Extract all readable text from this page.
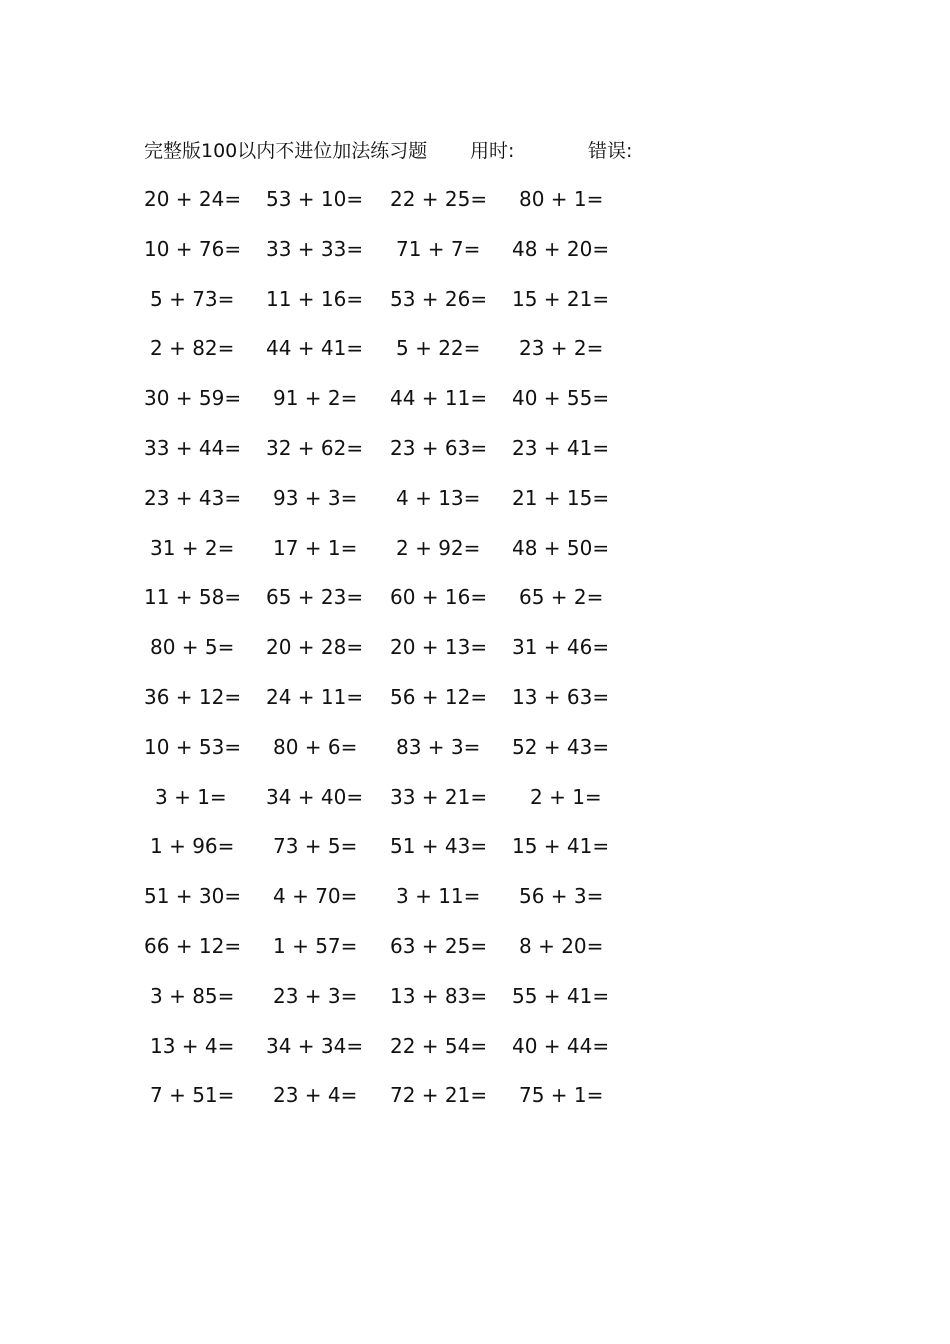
完整版100以内不进位加法练习题 用时:	错误:
20 + 24= 53 + 10= 22 + 25= 80 + 1=
10 + 76= 33 + 33= 71 + 7= 48 + 20=
5 + 73= 11 + 16= 53 + 26= 15 + 21=
2 + 82= 44 + 41= 5 + 22= 23 + 2=
30 + 59= 91 + 2= 44 + 11= 40 + 55=
33 + 44= 32 + 62= 23 + 63= 23 + 41=
23 + 43= 93 + 3= 4 + 13= 21 + 15=
31 + 2= 17 + 1= 2 + 92= 48 + 50=
11 + 58= 65 + 23= 60 + 16= 65 + 2=
80 + 5= 20 + 28= 20 + 13= 31 + 46=
36 + 12= 24 + 11= 56 + 12= 13 + 63=
10 + 53= 80 + 6= 83 + 3= 52 + 43=
3 + 1= 34 + 40= 33 + 21= 2 + 1=
1 + 96= 73 + 5= 51 + 43= 15 + 41=
51 + 30= 4 + 70= 3 + 11= 56 + 3=
66 + 12= 1 + 57= 63 + 25= 8 + 20=
3 + 85= 23 + 3= 13 + 83= 55 + 41=
13 + 4= 34 + 34= 22 + 54= 40 + 44=
7 + 51= 23 + 4= 72 + 21= 75 + 1=
